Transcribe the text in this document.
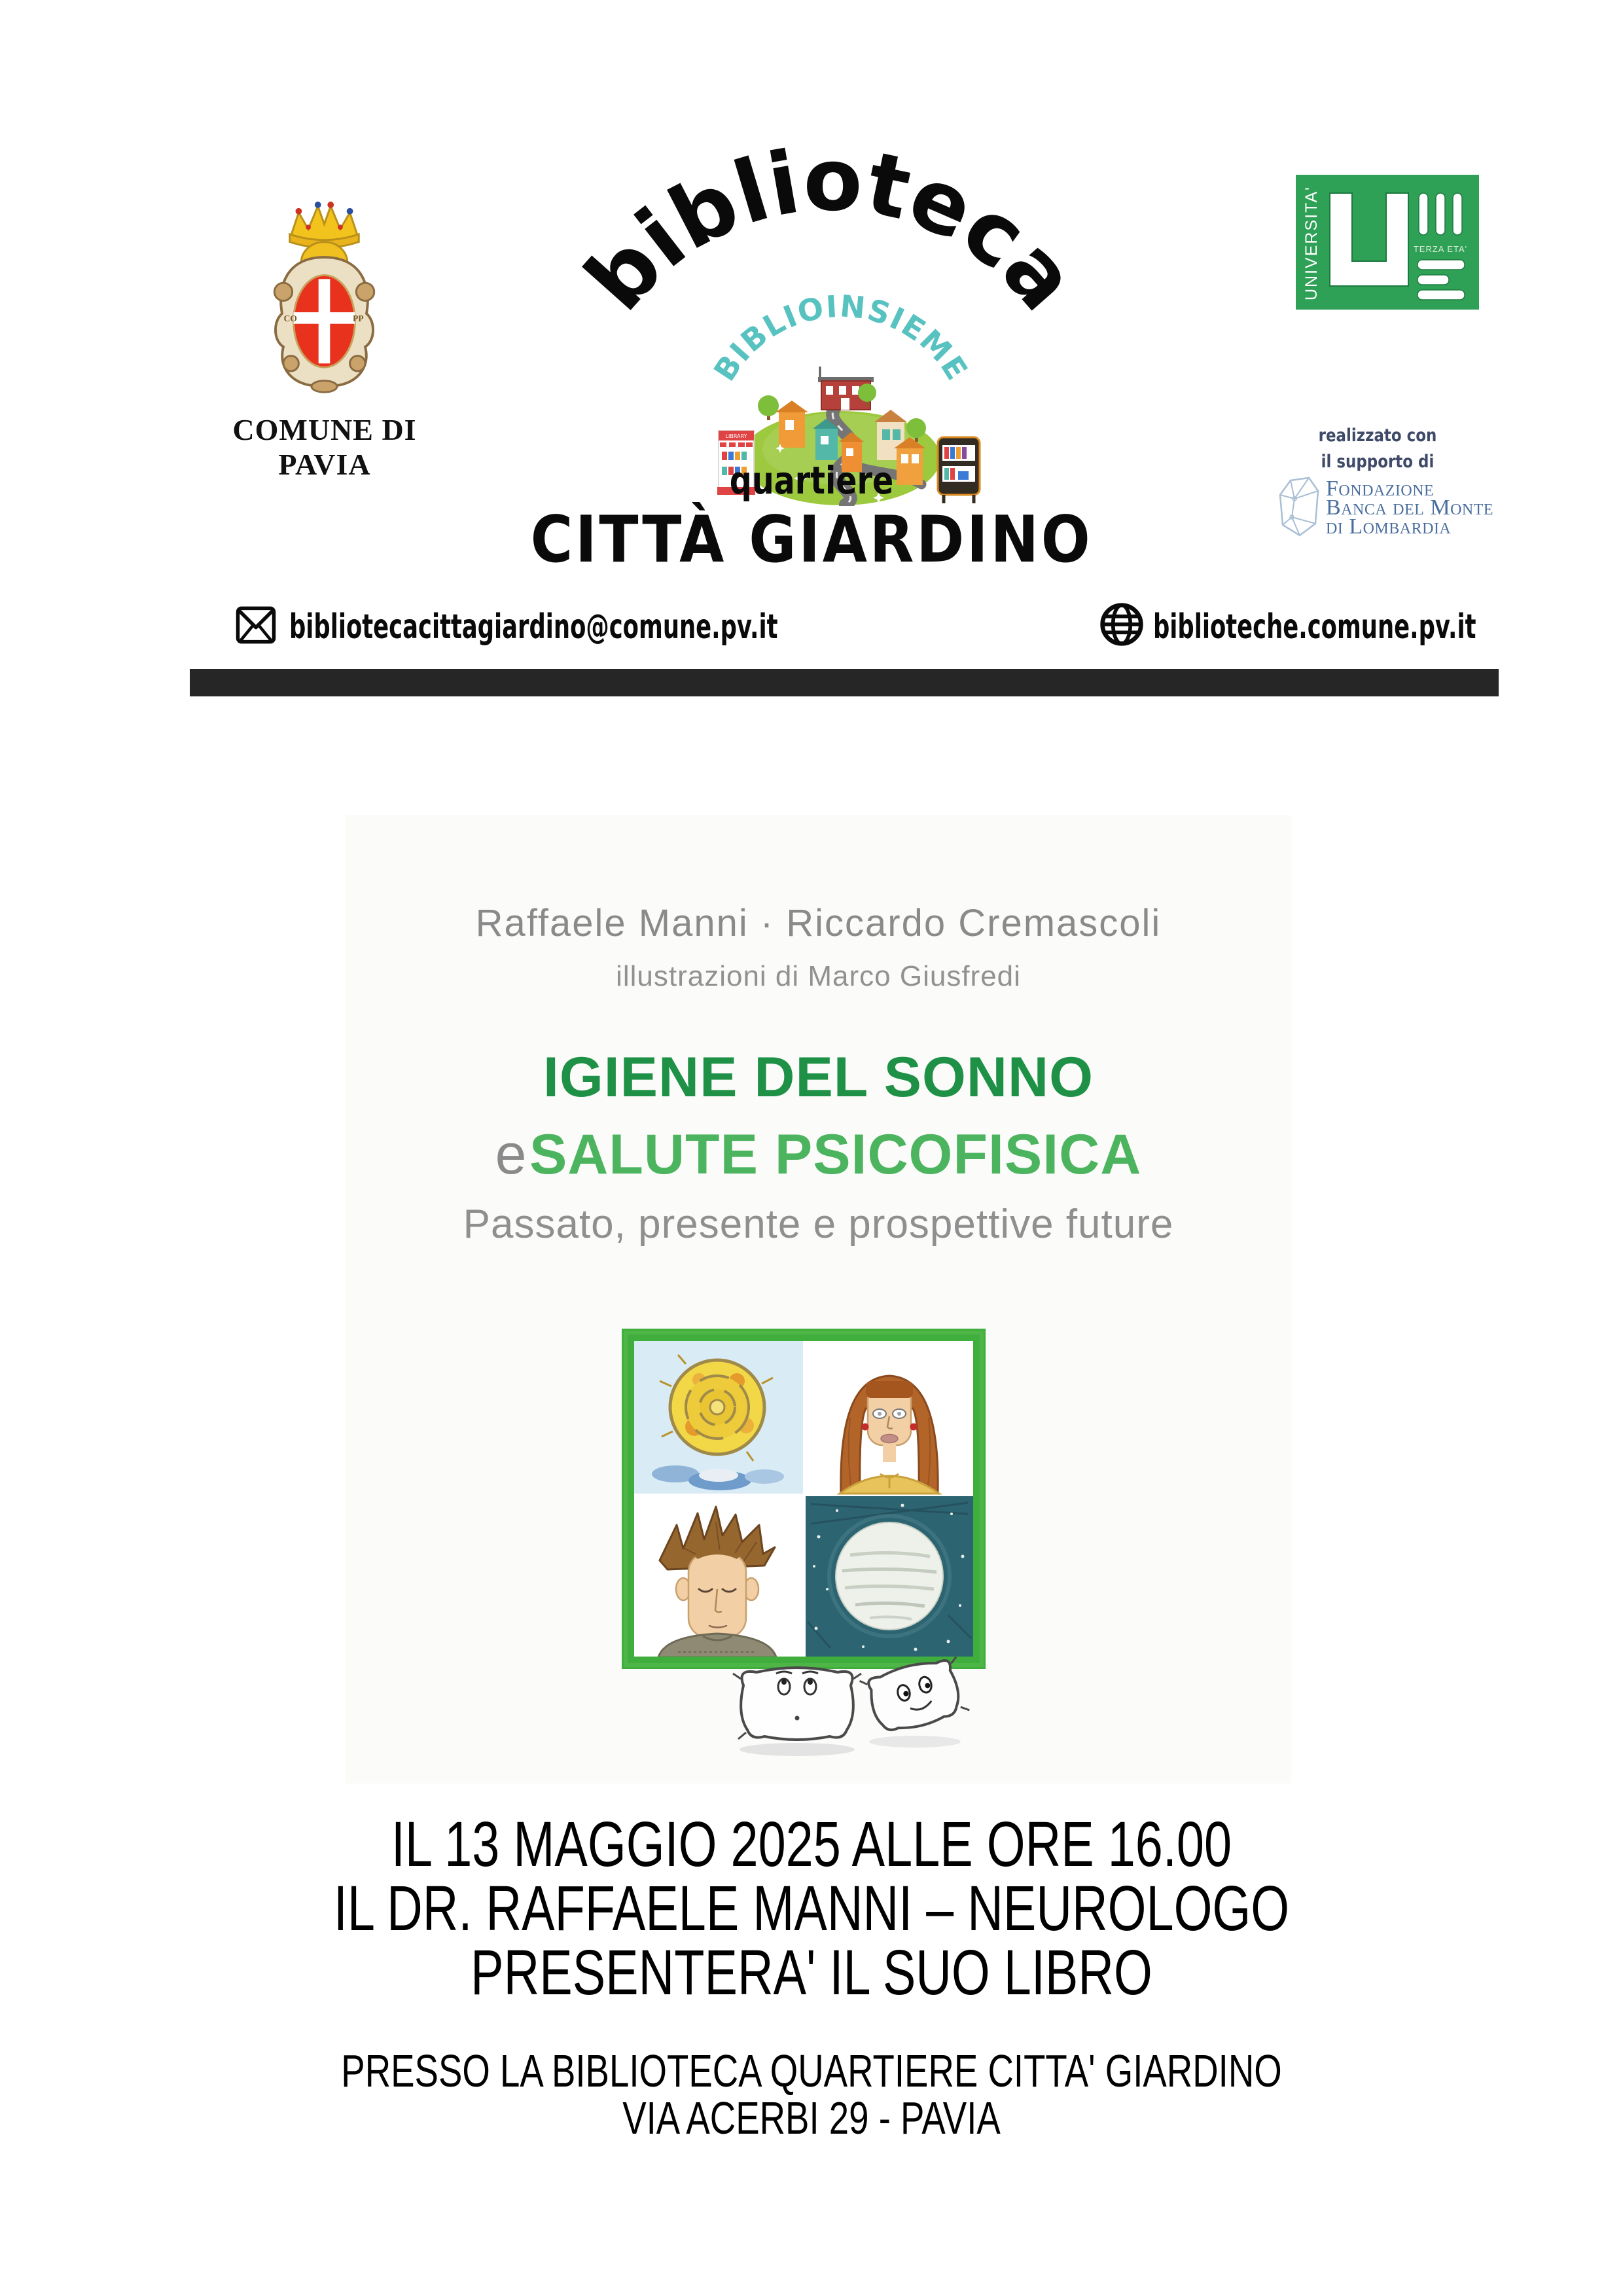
CO	PP
COMUNE DI PAVIA
biblioteca
LIBRARY
BIBLIOINSIEME
quartiere
CITTÀ GIARDINO
UNIVERSITA'	TERZA ETA'
realizzato con
il supporto di
Fondazione
Banca del Monte
di Lombardia
bibliotecacittagiardino@comune.pv.it	biblioteche.comune.pv.it
Raffaele Manni · Riccardo Cremascoli
illustrazioni di Marco Giusfredi
IGIENE DEL SONNO
e SALUTE PSICOFISICA
Passato, presente e prospettive future
IL 13 MAGGIO 2025 ALLE ORE 16.00
IL DR. RAFFAELE MANNI – NEUROLOGO
PRESENTERA' IL SUO LIBRO
PRESSO LA BIBLIOTECA QUARTIERE CITTA' GIARDINO
VIA ACERBI 29 - PAVIA
